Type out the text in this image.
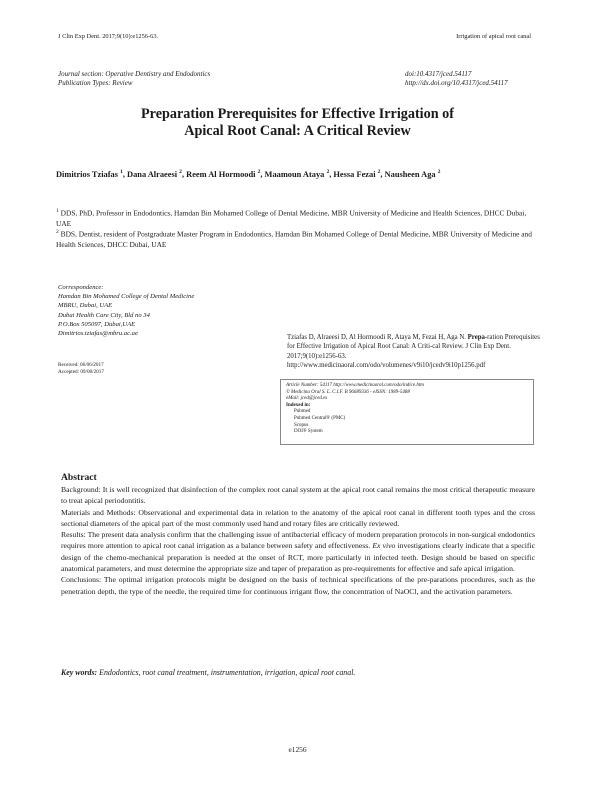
J Clin Exp Dent. 2017;9(10):e1256-63.	Irrigation of apical root canal
Journal section: Operative Dentistry and Endodontics
Publication Types: Review
doi:10.4317/jced.54117
http://dx.doi.org/10.4317/jced.54117
Preparation Prerequisites for Effective Irrigation of
Apical Root Canal: A Critical Review
Dimitrios Tziafas $^1$, Dana Alraeesi $^2$, Reem Al Hormoodi $^2$, Maamoun Ataya $^2$, Hessa Fezai $^2$, Nausheen Aga $^2$
$^1$ DDS, PhD, Professor in Endodontics, Hamdan Bin Mohamed College of Dental Medicine, MBR University of Medicine and Health Sciences, DHCC Dubai, UAE
$^2$ BDS, Dentist, resident of Postgraduate Master Program in Endodontics, Hamdan Bin Mohamed College of Dental Medicine, MBR University of Medicine and Health Sciences, DHCC Dubai, UAE
Correspondence:
Hamdan Bin Mohamed College of Dental Medicine
MBRU, Dubai, UAE
Dubai Health Care City, Bld no 34
P.O.Box 505097, Dubai,UAE
Dimitrios.tziafas@mbru.ac.ae
Received: 06/06/2017
Accepted: 09/08/2017
Tziafas D, Alraeesi D, Al Hormoodi R, Ataya M, Fezai H, Aga N. Prepa-ration Prerequisites for Effective Irrigation of Apical Root Canal: A Criti-cal Review. J Clin Exp Dent. 2017;9(10):e1256-63.
http://www.medicinaoral.com/odo/volumenes/v9i10/jcedv9i10p1256.pdf
Article Number: 54117 http://www.medicinaoral.com/odo/indice.htm
© Medicina Oral S. L. C.I.F. B 96689336 - eISSN: 1989-5488
eMail: jced@jced.es
Indexed in:
Pubmed
Pubmed Central® (PMC)
Scopus
DOI® System
Abstract

Background: It is well recognized that disinfection of the complex root canal system at the apical root canal remains the most critical therapeutic measure to treat apical periodontitis.

Materials and Methods: Observational and experimental data in relation to the anatomy of the apical root canal in different tooth types and the cross sectional diameters of the apical part of the most commonly used hand and rotary files are critically reviewed.

Results: The present data analysis confirm that the challenging issue of antibacterial efficacy of modern preparation protocols in non-surgical endodontics requires more attention to apical root canal irrigation as a balance between safety and effectiveness. Ex vivo investigations clearly indicate that a specific design of the chemo-mechanical preparation is needed at the onset of RCT, more particularly in infected teeth. Design should be based on specific anatomical parameters, and must determine the appropriate size and taper of preparation as pre-requirements for effective and safe apical irrigation.

Conclusions: The optimal irrigation protocols might be designed on the basis of technical specifications of the pre-parations procedures, such as the penetration depth, the type of the needle, the required time for continuous irrigant flow, the concentration of NaOCl, and the activation parameters.

Key words: Endodontics, root canal treatment, instrumentation, irrigation, apical root canal.
e1256
